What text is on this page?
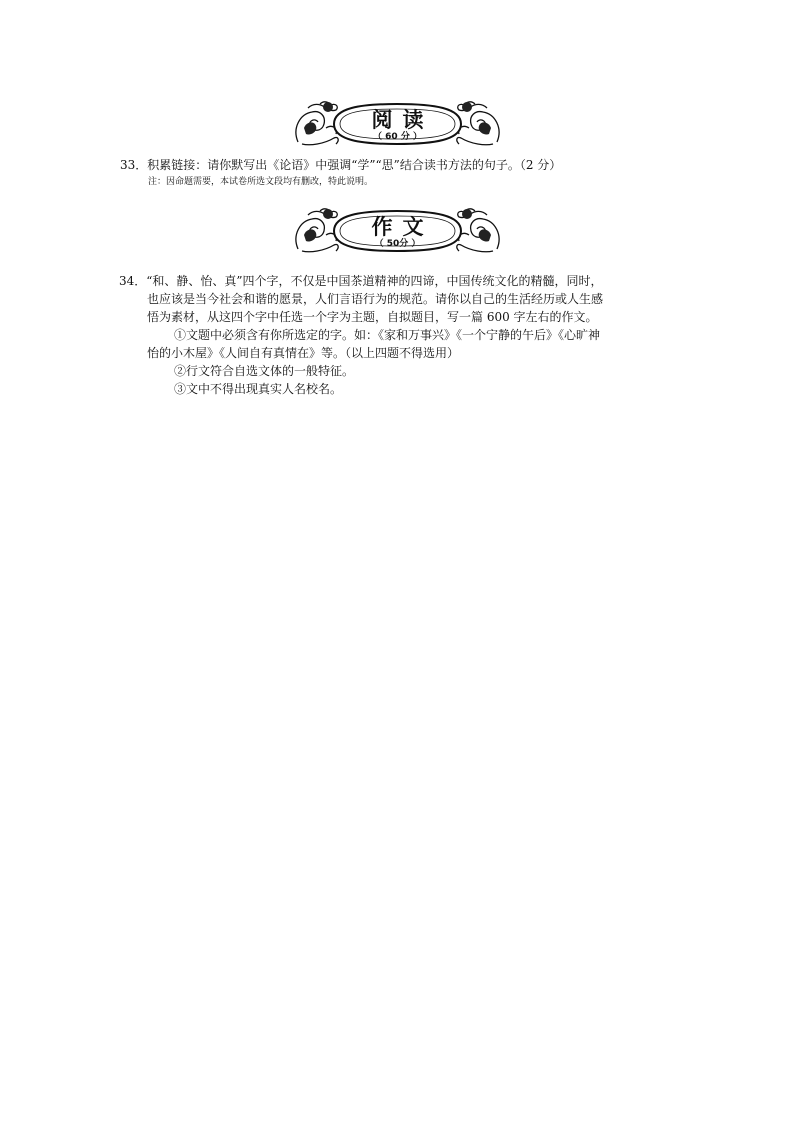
阅读
（ 60 分 ）
33．积累链接：请你默写出《论语》中强调“学”“思”结合读书方法的句子。（2 分）
注：因命题需要，本试卷所选文段均有删改，特此说明。
作文
（ 50分 ）
34．“和、静、怡、真”四个字，不仅是中国茶道精神的四谛，中国传统文化的精髓，同时，
也应该是当今社会和谐的愿景，人们言语行为的规范。请你以自己的生活经历或人生感
悟为素材，从这四个字中任选一个字为主题，自拟题目，写一篇 600 字左右的作文。
①文题中必须含有你所选定的字。如：《家和万事兴》《一个宁静的午后》《心旷神
怡的小木屋》《人间自有真情在》等。（以上四题不得选用）
②行文符合自选文体的一般特征。
③文中不得出现真实人名校名。
